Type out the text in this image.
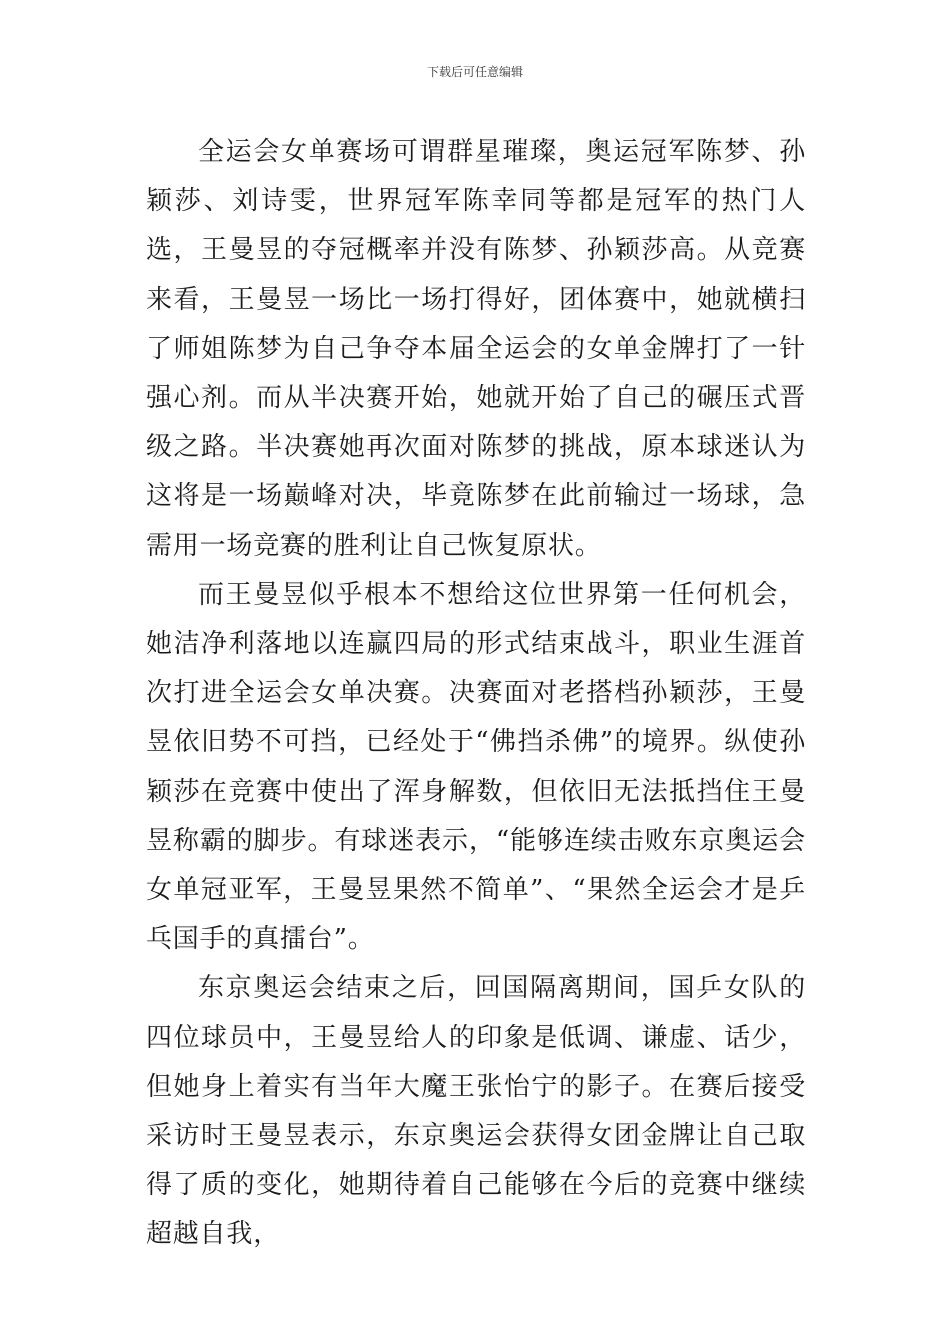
下载后可任意编辑

全运会女单赛场可谓群星璀璨，奥运冠军陈梦、孙颖莎、刘诗雯，世界冠军陈幸同等都是冠军的热门人选，王曼昱的夺冠概率并没有陈梦、孙颖莎高。从竞赛来看，王曼昱一场比一场打得好，团体赛中，她就横扫了师姐陈梦为自己争夺本届全运会的女单金牌打了一针强心剂。而从半决赛开始，她就开始了自己的碾压式晋级之路。半决赛她再次面对陈梦的挑战，原本球迷认为这将是一场巅峰对决，毕竟陈梦在此前输过一场球，急需用一场竞赛的胜利让自己恢复原状。

而王曼昱似乎根本不想给这位世界第一任何机会，她洁净利落地以连赢四局的形式结束战斗，职业生涯首次打进全运会女单决赛。决赛面对老搭档孙颖莎，王曼昱依旧势不可挡，已经处于“佛挡杀佛”的境界。纵使孙颖莎在竞赛中使出了浑身解数，但依旧无法抵挡住王曼昱称霸的脚步。有球迷表示，“能够连续击败东京奥运会女单冠亚军，王曼昱果然不简单”、“果然全运会才是乒乓国手的真擂台”。

东京奥运会结束之后，回国隔离期间，国乒女队的四位球员中，王曼昱给人的印象是低调、谦虚、话少，但她身上着实有当年大魔王张怡宁的影子。在赛后接受采访时王曼昱表示，东京奥运会获得女团金牌让自己取得了质的变化，她期待着自己能够在今后的竞赛中继续超越自我，
